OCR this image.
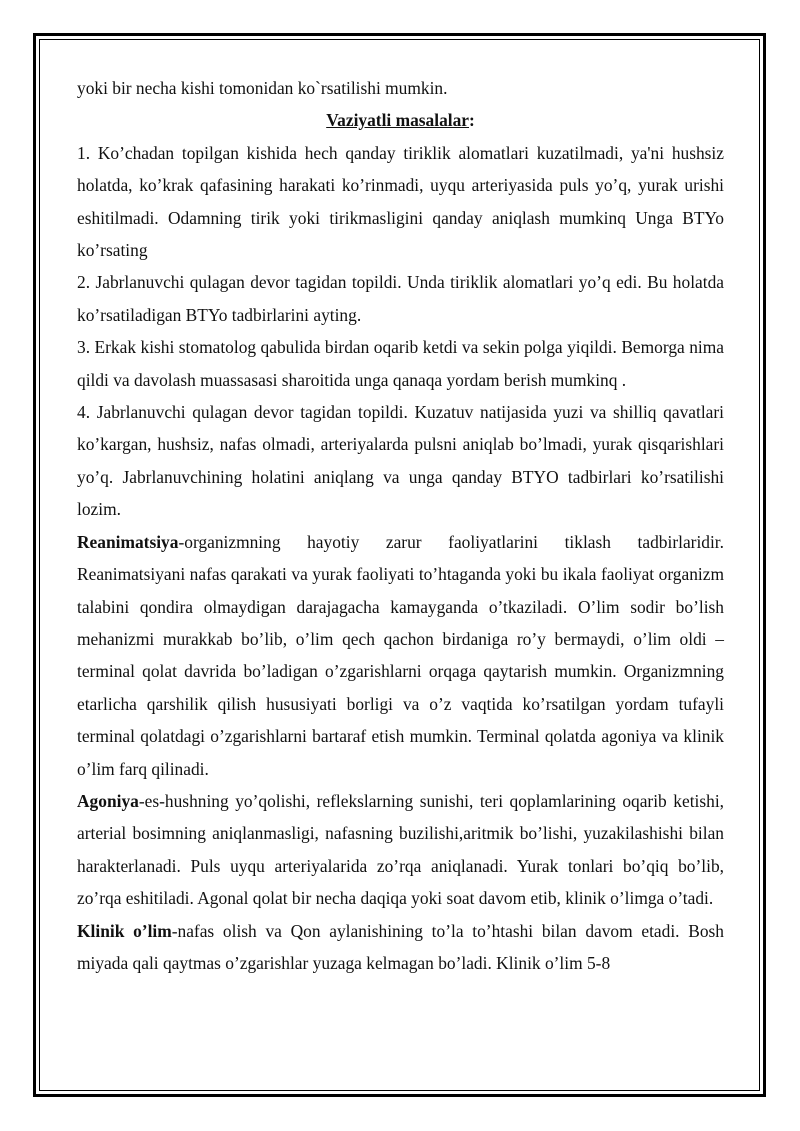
yoki bir necha kishi tomonidan ko`rsatilishi mumkin.

Vaziyatli masalalar:

1. Ko’chadan topilgan kishida hech qanday tiriklik alomatlari kuzatilmadi, ya'ni hushsiz holatda, ko’krak qafasining harakati ko’rinmadi, uyqu arteriyasida puls yo’q, yurak urishi eshitilmadi. Odamning tirik yoki tirikmasligini qanday aniqlash mumkinq Unga BTYo ko’rsating

2. Jabrlanuvchi qulagan devor tagidan topildi. Unda tiriklik alomatlari yo’q edi. Bu holatda ko’rsatiladigan BTYo tadbirlarini ayting.

3. Erkak kishi stomatolog qabulida birdan oqarib ketdi va sekin polga yiqildi. Bemorga nima qildi va davolash muassasasi sharoitida unga qanaqa yordam berish mumkinq .

4. Jabrlanuvchi qulagan devor tagidan topildi. Kuzatuv natijasida yuzi va shilliq qavatlari ko’kargan, hushsiz, nafas olmadi, arteriyalarda pulsni aniqlab bo’lmadi, yurak qisqarishlari yo’q. Jabrlanuvchining holatini aniqlang va unga qanday BTYO tadbirlari ko’rsatilishi lozim.

Reanimatsiya-organizmning hayotiy zarur faoliyatlarini tiklash tadbirlaridir. Reanimatsiyani nafas qarakati va yurak faoliyati to’htaganda yoki bu ikala faoliyat organizm talabini qondira olmaydigan darajagacha kamayganda o’tkaziladi. O’lim sodir bo’lish mehanizmi murakkab bo’lib, o’lim qech qachon birdaniga ro’y bermaydi, o’lim oldi –terminal qolat davrida bo’ladigan o’zgarishlarni orqaga qaytarish mumkin. Organizmning etarlicha qarshilik qilish hususiyati borligi va o’z vaqtida ko’rsatilgan yordam tufayli terminal qolatdagi o’zgarishlarni bartaraf etish mumkin. Terminal qolatda agoniya va klinik o’lim farq qilinadi.

Agoniya-es-hushning yo’qolishi, reflekslarning sunishi, teri qoplamlarining oqarib ketishi, arterial bosimning aniqlanmasligi, nafasning buzilishi,aritmik bo’lishi, yuzakilashishi bilan harakterlanadi. Puls uyqu arteriyalarida zo’rqa aniqlanadi. Yurak tonlari bo’qiq bo’lib, zo’rqa eshitiladi. Agonal qolat bir necha daqiqa yoki soat davom etib, klinik o’limga o’tadi.

Klinik o’lim-nafas olish va Qon aylanishining to’la to’htashi bilan davom etadi. Bosh miyada qali qaytmas o’zgarishlar yuzaga kelmagan bo’ladi. Klinik o’lim 5-8
